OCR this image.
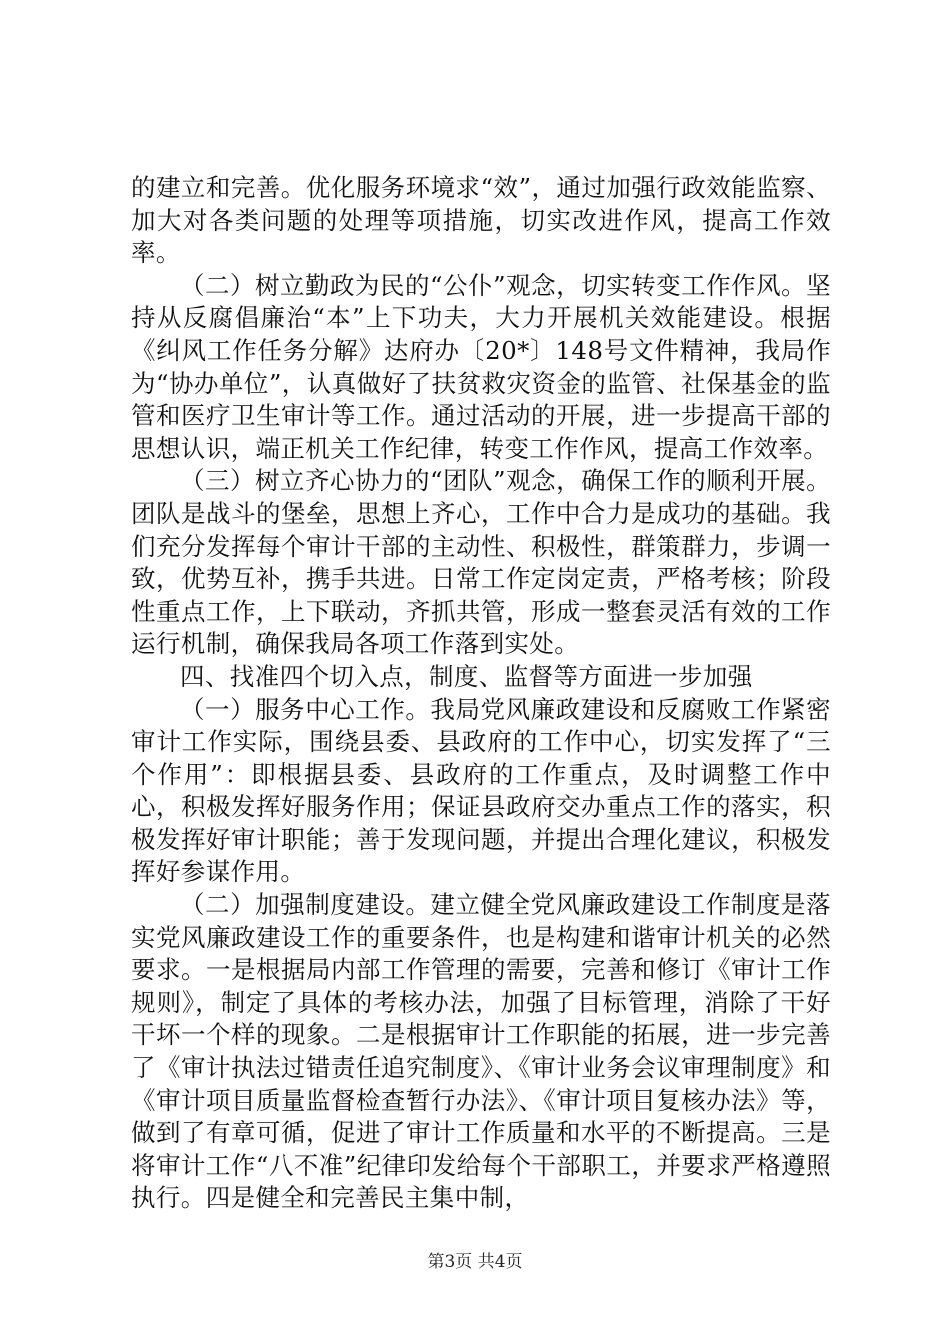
的建立和完善。优化服务环境求“效”，通过加强行政效能监察、加大对各类问题的处理等项措施，切实改进作风，提高工作效率。

（二）树立勤政为民的“公仆”观念，切实转变工作作风。坚持从反腐倡廉治“本”上下功夫，大力开展机关效能建设。根据《纠风工作任务分解》达府办〔20*〕148号文件精神，我局作为“协办单位”，认真做好了扶贫救灾资金的监管、社保基金的监管和医疗卫生审计等工作。通过活动的开展，进一步提高干部的思想认识，端正机关工作纪律，转变工作作风，提高工作效率。

（三）树立齐心协力的“团队”观念，确保工作的顺利开展。团队是战斗的堡垒，思想上齐心，工作中合力是成功的基础。我们充分发挥每个审计干部的主动性、积极性，群策群力，步调一致，优势互补，携手共进。日常工作定岗定责，严格考核；阶段性重点工作，上下联动，齐抓共管，形成一整套灵活有效的工作运行机制，确保我局各项工作落到实处。

四、找准四个切入点，制度、监督等方面进一步加强

（一）服务中心工作。我局党风廉政建设和反腐败工作紧密审计工作实际，围绕县委、县政府的工作中心，切实发挥了“三个作用”：即根据县委、县政府的工作重点，及时调整工作中心，积极发挥好服务作用；保证县政府交办重点工作的落实，积极发挥好审计职能；善于发现问题，并提出合理化建议，积极发挥好参谋作用。

（二）加强制度建设。建立健全党风廉政建设工作制度是落实党风廉政建设工作的重要条件，也是构建和谐审计机关的必然要求。一是根据局内部工作管理的需要，完善和修订《审计工作规则》，制定了具体的考核办法，加强了目标管理，消除了干好干坏一个样的现象。二是根据审计工作职能的拓展，进一步完善了《审计执法过错责任追究制度》、《审计业务会议审理制度》和《审计项目质量监督检查暂行办法》、《审计项目复核办法》等，做到了有章可循，促进了审计工作质量和水平的不断提高。三是将审计工作“八不准”纪律印发给每个干部职工，并要求严格遵照执行。四是健全和完善民主集中制，

第3页 共4页
